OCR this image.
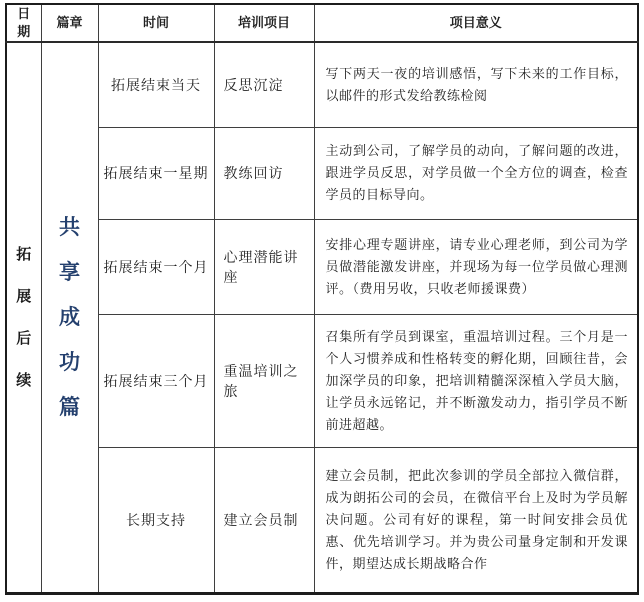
日期	篇章	时间	培训项目	项目意义
拓展后续	共享成功篇	拓展结束当天	反思沉淀	写下两天一夜的培训感悟，写下未来的工作目标，以邮件的形式发给教练检阅
		拓展结束一星期	教练回访	主动到公司，了解学员的动向，了解问题的改进，跟进学员反思，对学员做一个全方位的调查，检查学员的目标导向。
		拓展结束一个月	心理潜能讲座	安排心理专题讲座，请专业心理老师，到公司为学员做潜能激发讲座，并现场为每一位学员做心理测评。（费用另收，只收老师援课费）
		拓展结束三个月	重温培训之旅	召集所有学员到课室，重温培训过程。三个月是一个人习惯养成和性格转变的孵化期，回顾往昔，会加深学员的印象，把培训精髓深深植入学员大脑，让学员永远铭记，并不断激发动力，指引学员不断前进超越。
		长期支持	建立会员制	建立会员制，把此次参训的学员全部拉入微信群，成为朗拓公司的会员，在微信平台上及时为学员解决问题。公司有好的课程，第一时间安排会员优惠、优先培训学习。并为贵公司量身定制和开发课件，期望达成长期战略合作
